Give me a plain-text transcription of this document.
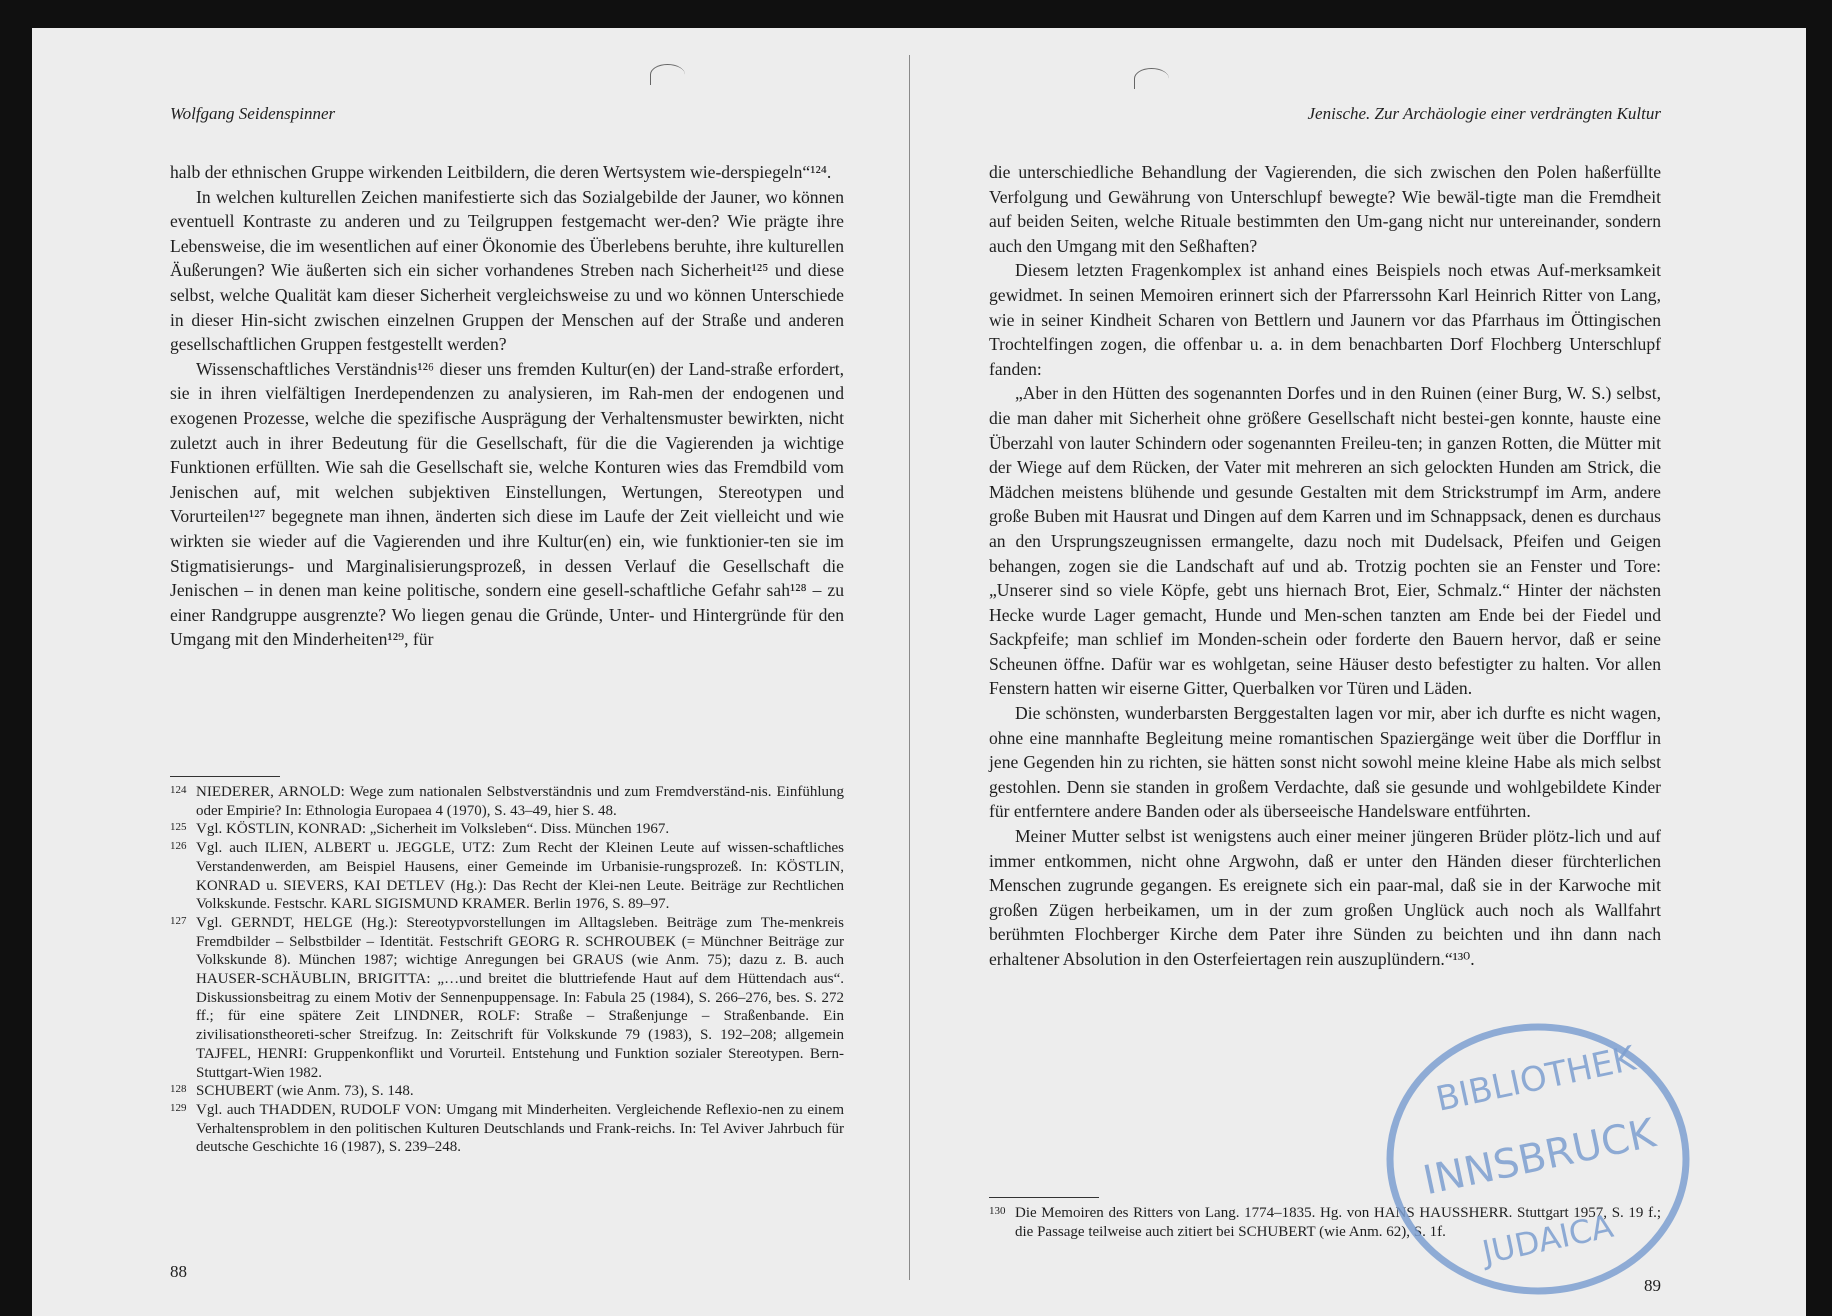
Wolfgang Seidenspinner

halb der ethnischen Gruppe wirkenden Leitbildern, die deren Wertsystem wie-derspiegeln“¹²⁴.

In welchen kulturellen Zeichen manifestierte sich das Sozialgebilde der Jauner, wo können eventuell Kontraste zu anderen und zu Teilgruppen festgemacht wer-den? Wie prägte ihre Lebensweise, die im wesentlichen auf einer Ökonomie des Überlebens beruhte, ihre kulturellen Äußerungen? Wie äußerten sich ein sicher vorhandenes Streben nach Sicherheit¹²⁵ und diese selbst, welche Qualität kam dieser Sicherheit vergleichsweise zu und wo können Unterschiede in dieser Hin-sicht zwischen einzelnen Gruppen der Menschen auf der Straße und anderen gesellschaftlichen Gruppen festgestellt werden?

Wissenschaftliches Verständnis¹²⁶ dieser uns fremden Kultur(en) der Land-straße erfordert, sie in ihren vielfältigen Inerdependenzen zu analysieren, im Rah-men der endogenen und exogenen Prozesse, welche die spezifische Ausprägung der Verhaltensmuster bewirkten, nicht zuletzt auch in ihrer Bedeutung für die Gesellschaft, für die die Vagierenden ja wichtige Funktionen erfüllten. Wie sah die Gesellschaft sie, welche Konturen wies das Fremdbild vom Jenischen auf, mit welchen subjektiven Einstellungen, Wertungen, Stereotypen und Vorurteilen¹²⁷ begegnete man ihnen, änderten sich diese im Laufe der Zeit vielleicht und wie wirkten sie wieder auf die Vagierenden und ihre Kultur(en) ein, wie funktionier-ten sie im Stigmatisierungs- und Marginalisierungsprozeß, in dessen Verlauf die Gesellschaft die Jenischen – in denen man keine politische, sondern eine gesell-schaftliche Gefahr sah¹²⁸ – zu einer Randgruppe ausgrenzte? Wo liegen genau die Gründe, Unter- und Hintergründe für den Umgang mit den Minderheiten¹²⁹, für

124 NIEDERER, ARNOLD: Wege zum nationalen Selbstverständnis und zum Fremdverständ-nis. Einfühlung oder Empirie? In: Ethnologia Europaea 4 (1970), S. 43–49, hier S. 48.
125 Vgl. KÖSTLIN, KONRAD: „Sicherheit im Volksleben“. Diss. München 1967.
126 Vgl. auch ILIEN, ALBERT u. JEGGLE, UTZ: Zum Recht der Kleinen Leute auf wissen-schaftliches Verstandenwerden, am Beispiel Hausens, einer Gemeinde im Urbanisie-rungsprozeß. In: KÖSTLIN, KONRAD u. SIEVERS, KAI DETLEV (Hg.): Das Recht der Klei-nen Leute. Beiträge zur Rechtlichen Volkskunde. Festschr. KARL SIGISMUND KRAMER. Berlin 1976, S. 89–97.
127 Vgl. GERNDT, HELGE (Hg.): Stereotypvorstellungen im Alltagsleben. Beiträge zum The-menkreis Fremdbilder – Selbstbilder – Identität. Festschrift GEORG R. SCHROUBEK (= Münchner Beiträge zur Volkskunde 8). München 1987; wichtige Anregungen bei GRAUS (wie Anm. 75); dazu z. B. auch HAUSER-SCHÄUBLIN, BRIGITTA: „…und breitet die bluttriefende Haut auf dem Hüttendach aus“. Diskussionsbeitrag zu einem Motiv der Sennenpuppensage. In: Fabula 25 (1984), S. 266–276, bes. S. 272 ff.; für eine spätere Zeit LINDNER, ROLF: Straße – Straßenjunge – Straßenbande. Ein zivilisationstheoreti-scher Streifzug. In: Zeitschrift für Volkskunde 79 (1983), S. 192–208; allgemein TAJFEL, HENRI: Gruppenkonflikt und Vorurteil. Entstehung und Funktion sozialer Stereotypen. Bern-Stuttgart-Wien 1982.
128 SCHUBERT (wie Anm. 73), S. 148.
129 Vgl. auch THADDEN, RUDOLF VON: Umgang mit Minderheiten. Vergleichende Reflexio-nen zu einem Verhaltensproblem in den politischen Kulturen Deutschlands und Frank-reichs. In: Tel Aviver Jahrbuch für deutsche Geschichte 16 (1987), S. 239–248.
88
Jenische. Zur Archäologie einer verdrängten Kultur

die unterschiedliche Behandlung der Vagierenden, die sich zwischen den Polen haßerfüllte Verfolgung und Gewährung von Unterschlupf bewegte? Wie bewäl-tigte man die Fremdheit auf beiden Seiten, welche Rituale bestimmten den Um-gang nicht nur untereinander, sondern auch den Umgang mit den Seßhaften?

Diesem letzten Fragenkomplex ist anhand eines Beispiels noch etwas Auf-merksamkeit gewidmet. In seinen Memoiren erinnert sich der Pfarrerssohn Karl Heinrich Ritter von Lang, wie in seiner Kindheit Scharen von Bettlern und Jaunern vor das Pfarrhaus im Öttingischen Trochtelfingen zogen, die offenbar u. a. in dem benachbarten Dorf Flochberg Unterschlupf fanden:

„Aber in den Hütten des sogenannten Dorfes und in den Ruinen (einer Burg, W. S.) selbst, die man daher mit Sicherheit ohne größere Gesellschaft nicht bestei-gen konnte, hauste eine Überzahl von lauter Schindern oder sogenannten Freileu-ten; in ganzen Rotten, die Mütter mit der Wiege auf dem Rücken, der Vater mit mehreren an sich gelockten Hunden am Strick, die Mädchen meistens blühende und gesunde Gestalten mit dem Strickstrumpf im Arm, andere große Buben mit Hausrat und Dingen auf dem Karren und im Schnappsack, denen es durchaus an den Ursprungszeugnissen ermangelte, dazu noch mit Dudelsack, Pfeifen und Geigen behangen, zogen sie die Landschaft auf und ab. Trotzig pochten sie an Fenster und Tore: „Unserer sind so viele Köpfe, gebt uns hiernach Brot, Eier, Schmalz.“ Hinter der nächsten Hecke wurde Lager gemacht, Hunde und Men-schen tanzten am Ende bei der Fiedel und Sackpfeife; man schlief im Monden-schein oder forderte den Bauern hervor, daß er seine Scheunen öffne. Dafür war es wohlgetan, seine Häuser desto befestigter zu halten. Vor allen Fenstern hatten wir eiserne Gitter, Querbalken vor Türen und Läden.

Die schönsten, wunderbarsten Berggestalten lagen vor mir, aber ich durfte es nicht wagen, ohne eine mannhafte Begleitung meine romantischen Spaziergänge weit über die Dorfflur in jene Gegenden hin zu richten, sie hätten sonst nicht sowohl meine kleine Habe als mich selbst gestohlen. Denn sie standen in großem Verdachte, daß sie gesunde und wohlgebildete Kinder für entferntere andere Banden oder als überseeische Handelsware entführten.

Meiner Mutter selbst ist wenigstens auch einer meiner jüngeren Brüder plötz-lich und auf immer entkommen, nicht ohne Argwohn, daß er unter den Händen dieser fürchterlichen Menschen zugrunde gegangen. Es ereignete sich ein paar-mal, daß sie in der Karwoche mit großen Zügen herbeikamen, um in der zum großen Unglück auch noch als Wallfahrt berühmten Flochberger Kirche dem Pater ihre Sünden zu beichten und ihn dann nach erhaltener Absolution in den Osterfeiertagen rein auszuplündern.“¹³⁰.

130 Die Memoiren des Ritters von Lang. 1774–1835. Hg. von HANS HAUSSHERR. Stuttgart 1957, S. 19 f.; die Passage teilweise auch zitiert bei SCHUBERT (wie Anm. 62), S. 1f.
89
BIBLIOTHEK
INNSBRUCK
JUDAICA
